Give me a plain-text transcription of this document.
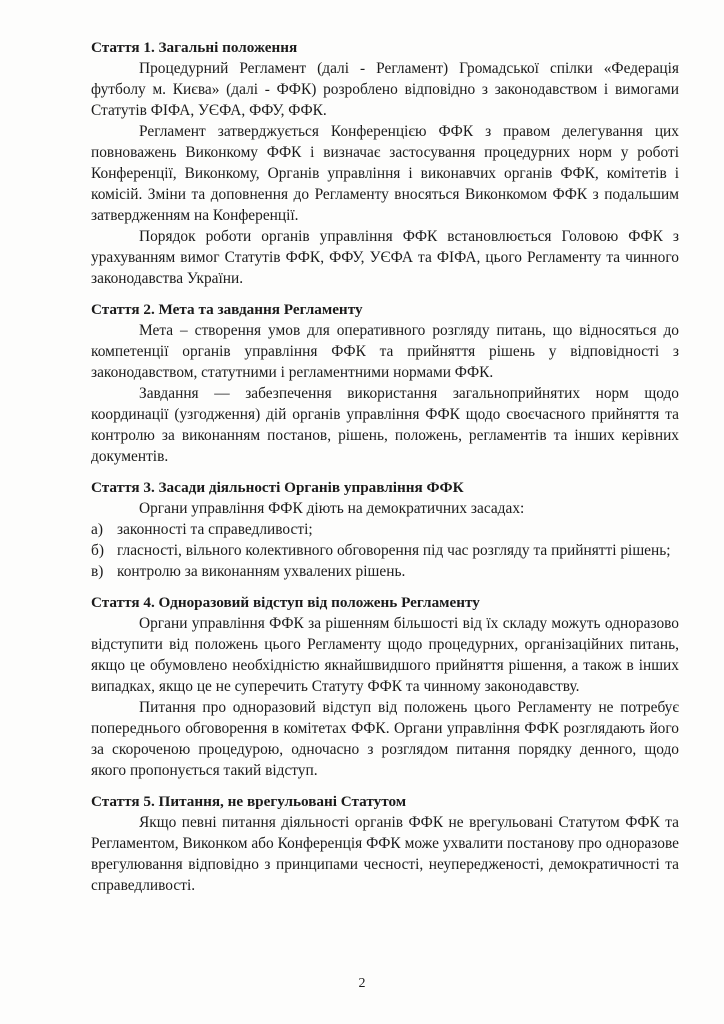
Стаття 1. Загальні положення

Процедурний Регламент (далі - Регламент) Громадської спілки «Федерація футболу м. Києва» (далі - ФФК) розроблено відповідно з законодавством і вимогами Статутів ФІФА, УЄФА, ФФУ, ФФК.

Регламент затверджується Конференцією ФФК з правом делегування цих повноважень Виконкому ФФК і визначає застосування процедурних норм у роботі Конференції, Виконкому, Органів управління і виконавчих органів ФФК, комітетів і комісій. Зміни та доповнення до Регламенту вносяться Виконкомом ФФК з подальшим затвердженням на Конференції.

Порядок роботи органів управління ФФК встановлюється Головою ФФК з урахуванням вимог Статутів ФФК, ФФУ, УЄФА та ФІФА, цього Регламенту та чинного законодавства України.

Стаття 2. Мета та завдання Регламенту

Мета – створення умов для оперативного розгляду питань, що відносяться до компетенції органів управління ФФК та прийняття рішень у відповідності з законодавством, статутними і регламентними нормами ФФК.

Завдання — забезпечення використання загальноприйнятих норм щодо координації (узгодження) дій органів управління ФФК щодо своєчасного прийняття та контролю за виконанням постанов, рішень, положень, регламентів та інших керівних документів.

Стаття 3. Засади діяльності Органів управління ФФК

Органи управління ФФК діють на демократичних засадах:

а) законності та справедливості;
б) гласності, вільного колективного обговорення під час розгляду та прийнятті рішень;
в) контролю за виконанням ухвалених рішень.

Стаття 4. Одноразовий відступ від положень Регламенту

Органи управління ФФК за рішенням більшості від їх складу можуть одноразово відступити від положень цього Регламенту щодо процедурних, організаційних питань, якщо це обумовлено необхідністю якнайшвидшого прийняття рішення, а також в інших випадках, якщо це не суперечить Статуту ФФК та чинному законодавству.

Питання про одноразовий відступ від положень цього Регламенту не потребує попереднього обговорення в комітетах ФФК. Органи управління ФФК розглядають його за скороченою процедурою, одночасно з розглядом питання порядку денного, щодо якого пропонується такий відступ.

Стаття 5. Питання, не врегульовані Статутом

Якщо певні питання діяльності органів ФФК не врегульовані Статутом ФФК та Регламентом, Виконком або Конференція ФФК може ухвалити постанову про одноразове врегулювання відповідно з принципами чесності, неупередженості, демократичності та справедливості.

2
